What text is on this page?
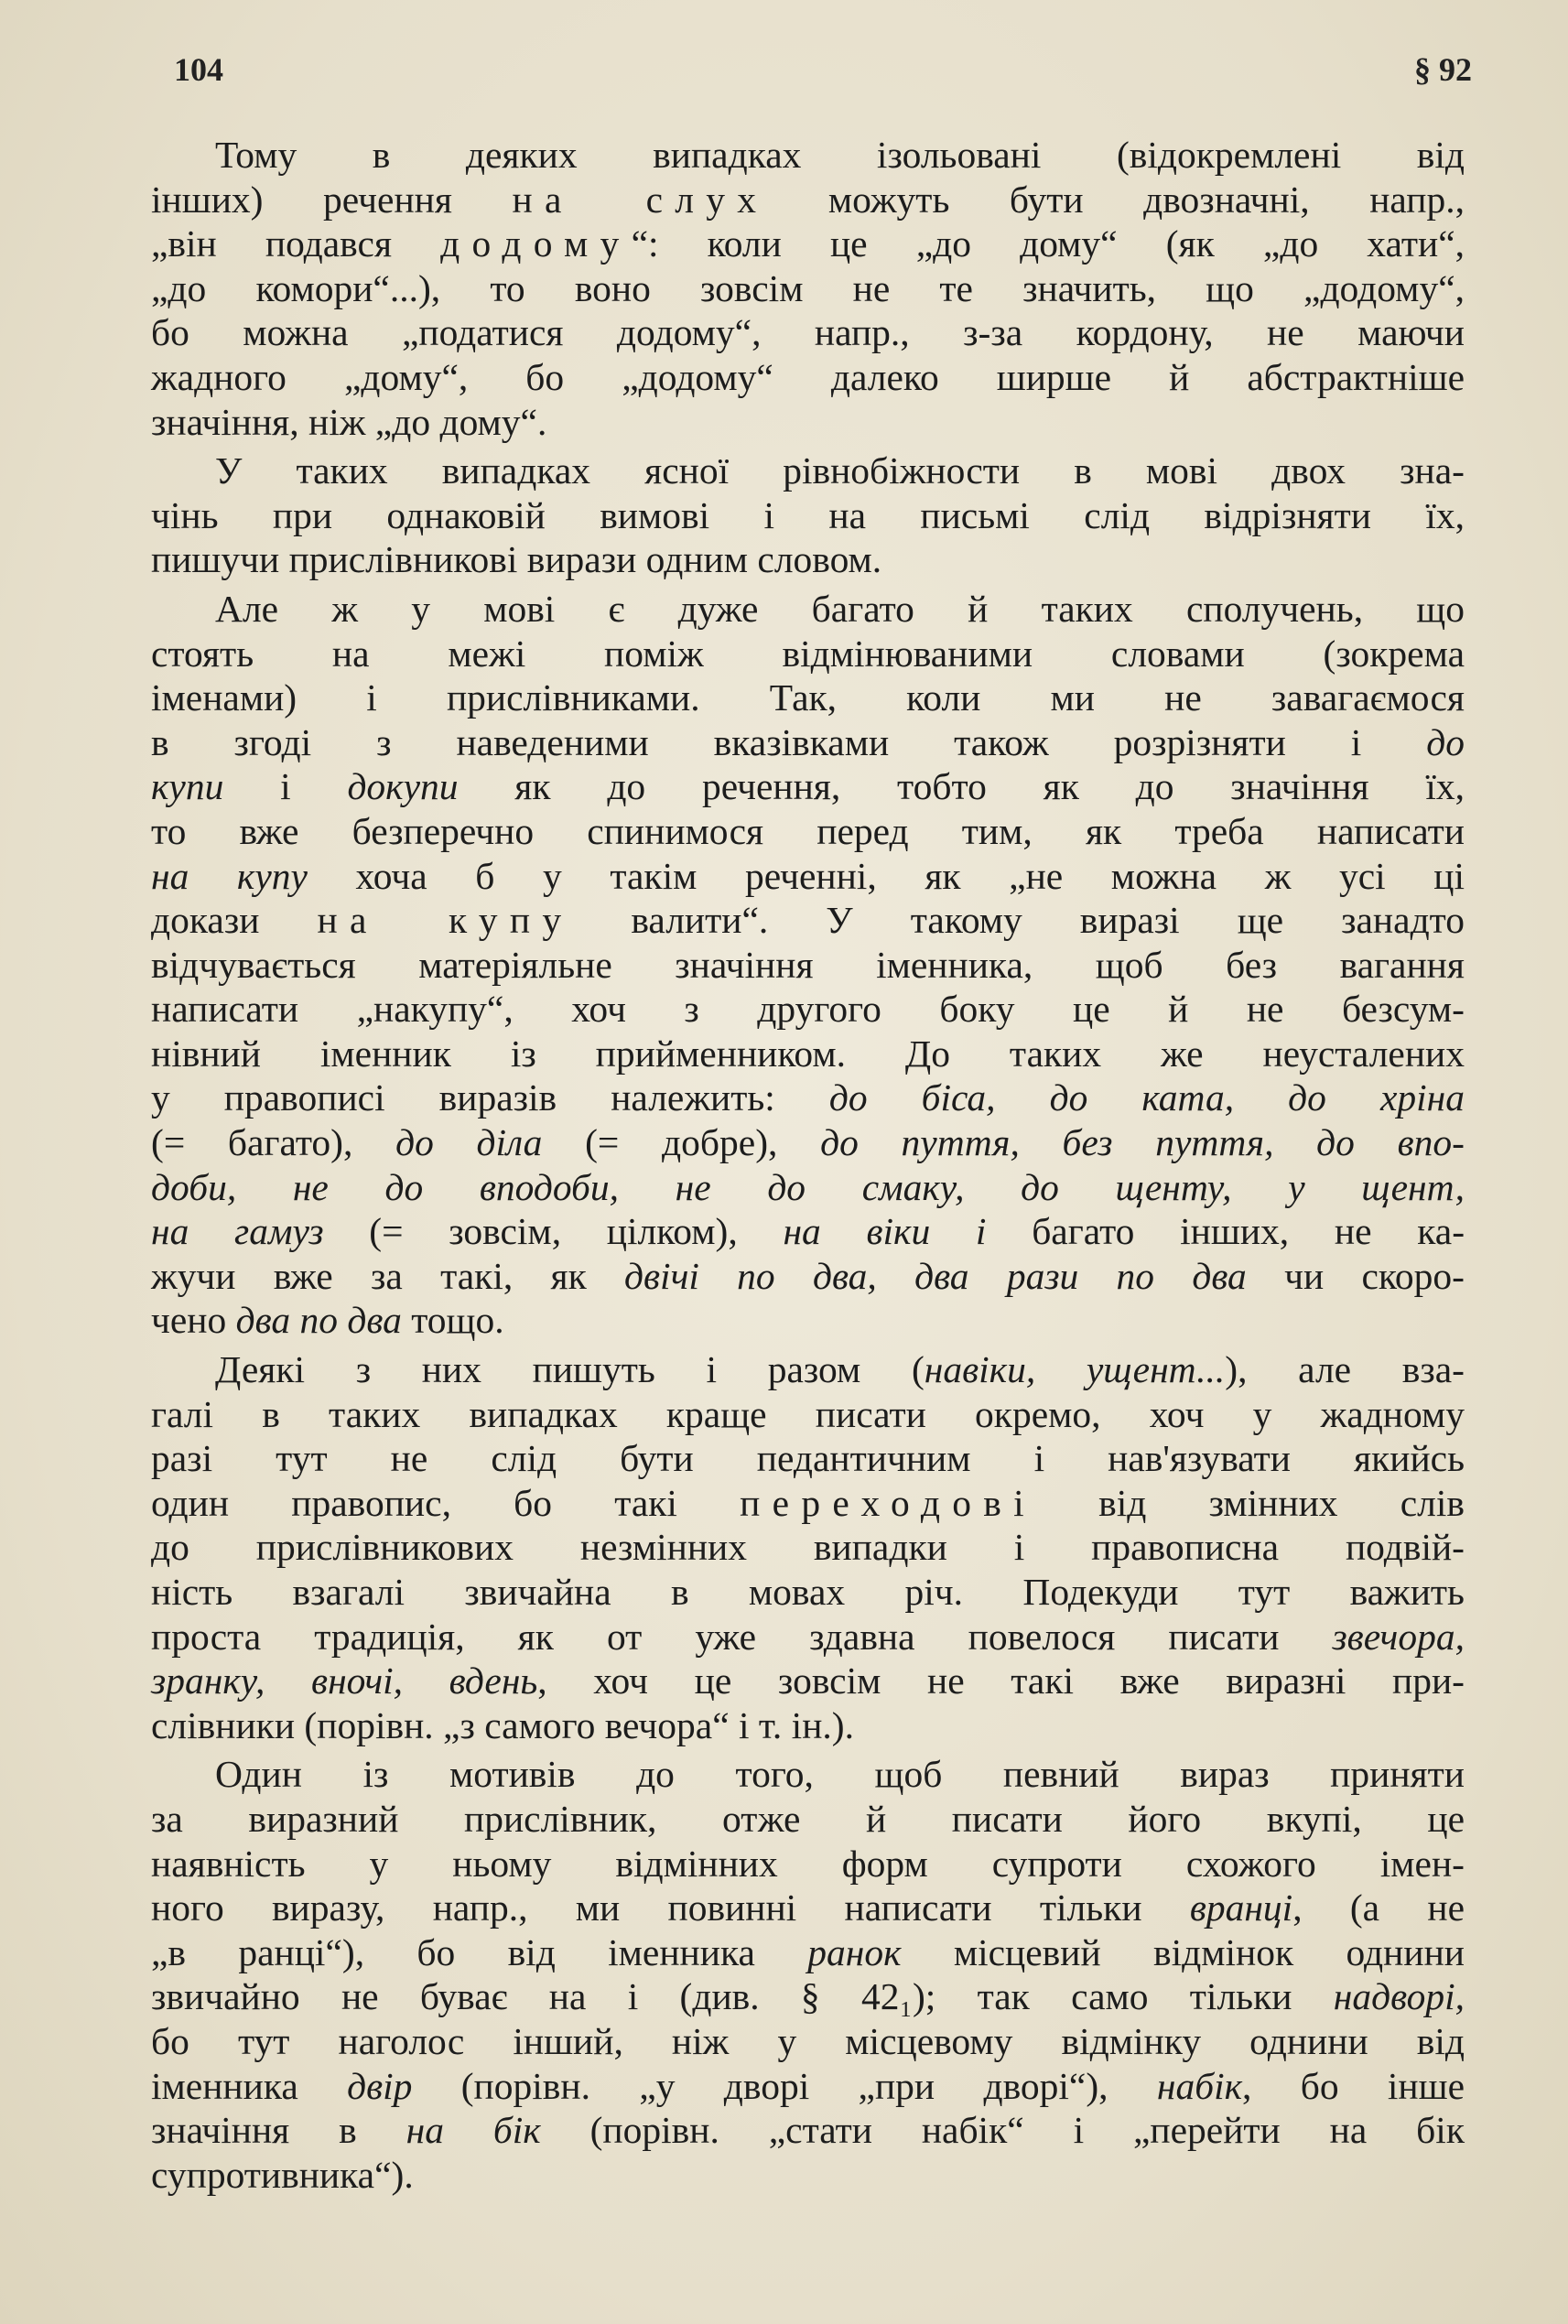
104	§ 92
Тому в деяких випадках ізольовані (відокремлені від
інших) речення на слух можуть бути двозначні, напр.,
„він подався додому“: коли це „до дому“ (як „до хати“,
„до комори“...), то воно зовсім не те значить, що „додому“,
бо можна „податися додому“, напр., з-за кордону, не маючи
жадного „дому“, бо „додому“ далеко ширше й абстрактніше
значіння, ніж „до дому“.
У таких випадках ясної рівнобіжности в мові двох зна-
чінь при однаковій вимові і на письмі слід відрізняти їх,
пишучи прислівникові вирази одним словом.
Але ж у мові є дуже багато й таких сполучень, що
стоять на межі поміж відмінюваними словами (зокрема
іменами) і прислівниками. Так, коли ми не завагаємося
в згоді з наведеними вказівками також розрізняти і до
купи і докупи як до речення, тобто як до значіння їх,
то вже безперечно спинимося перед тим, як треба написати
на купу хоча б у такім реченні, як „не можна ж усі ці
докази на купу валити“. У такому виразі ще занадто
відчувається матеріяльне значіння іменника, щоб без вагання
написати „накупу“, хоч з другого боку це й не безсум-
нівний іменник із прийменником. До таких же неусталених
у правописі виразів належить: до біса, до ката, до хріна
(= багато), до діла (= добре), до пуття, без пуття, до впо-
доби, не до вподоби, не до смаку, до щенту, у щент,
на гамуз (= зовсім, цілком), на віки і багато інших, не ка-
жучи вже за такі, як двічі по два, два рази по два чи скоро-
чено два по два тощо.
Деякі з них пишуть і разом (навіки, ущент...), але вза-
галі в таких випадках краще писати окремо, хоч у жадному
разі тут не слід бути педантичним і нав'язувати якийсь
один правопис, бо такі переходові від змінних слів
до прислівникових незмінних випадки і правописна подвій-
ність взагалі звичайна в мовах річ. Подекуди тут важить
проста традиція, як от уже здавна повелося писати звечора,
зранку, вночі, вдень, хоч це зовсім не такі вже виразні при-
слівники (порівн. „з самого вечора“ і т. ін.).
Один із мотивів до того, щоб певний вираз приняти
за виразний прислівник, отже й писати його вкупі, це
наявність у ньому відмінних форм супроти схожого імен-
ного виразу, напр., ми повинні написати тільки вранці, (а не
„в ранці“), бо від іменника ранок місцевий відмінок однини
звичайно не буває на і (див. § 42₁); так само тільки надворі,
бо тут наголос інший, ніж у місцевому відмінку однини від
іменника двір (порівн. „у дворі „при дворі“), набік, бо інше
значіння в на бік (порівн. „стати набік“ і „перейти на бік
супротивника“).
